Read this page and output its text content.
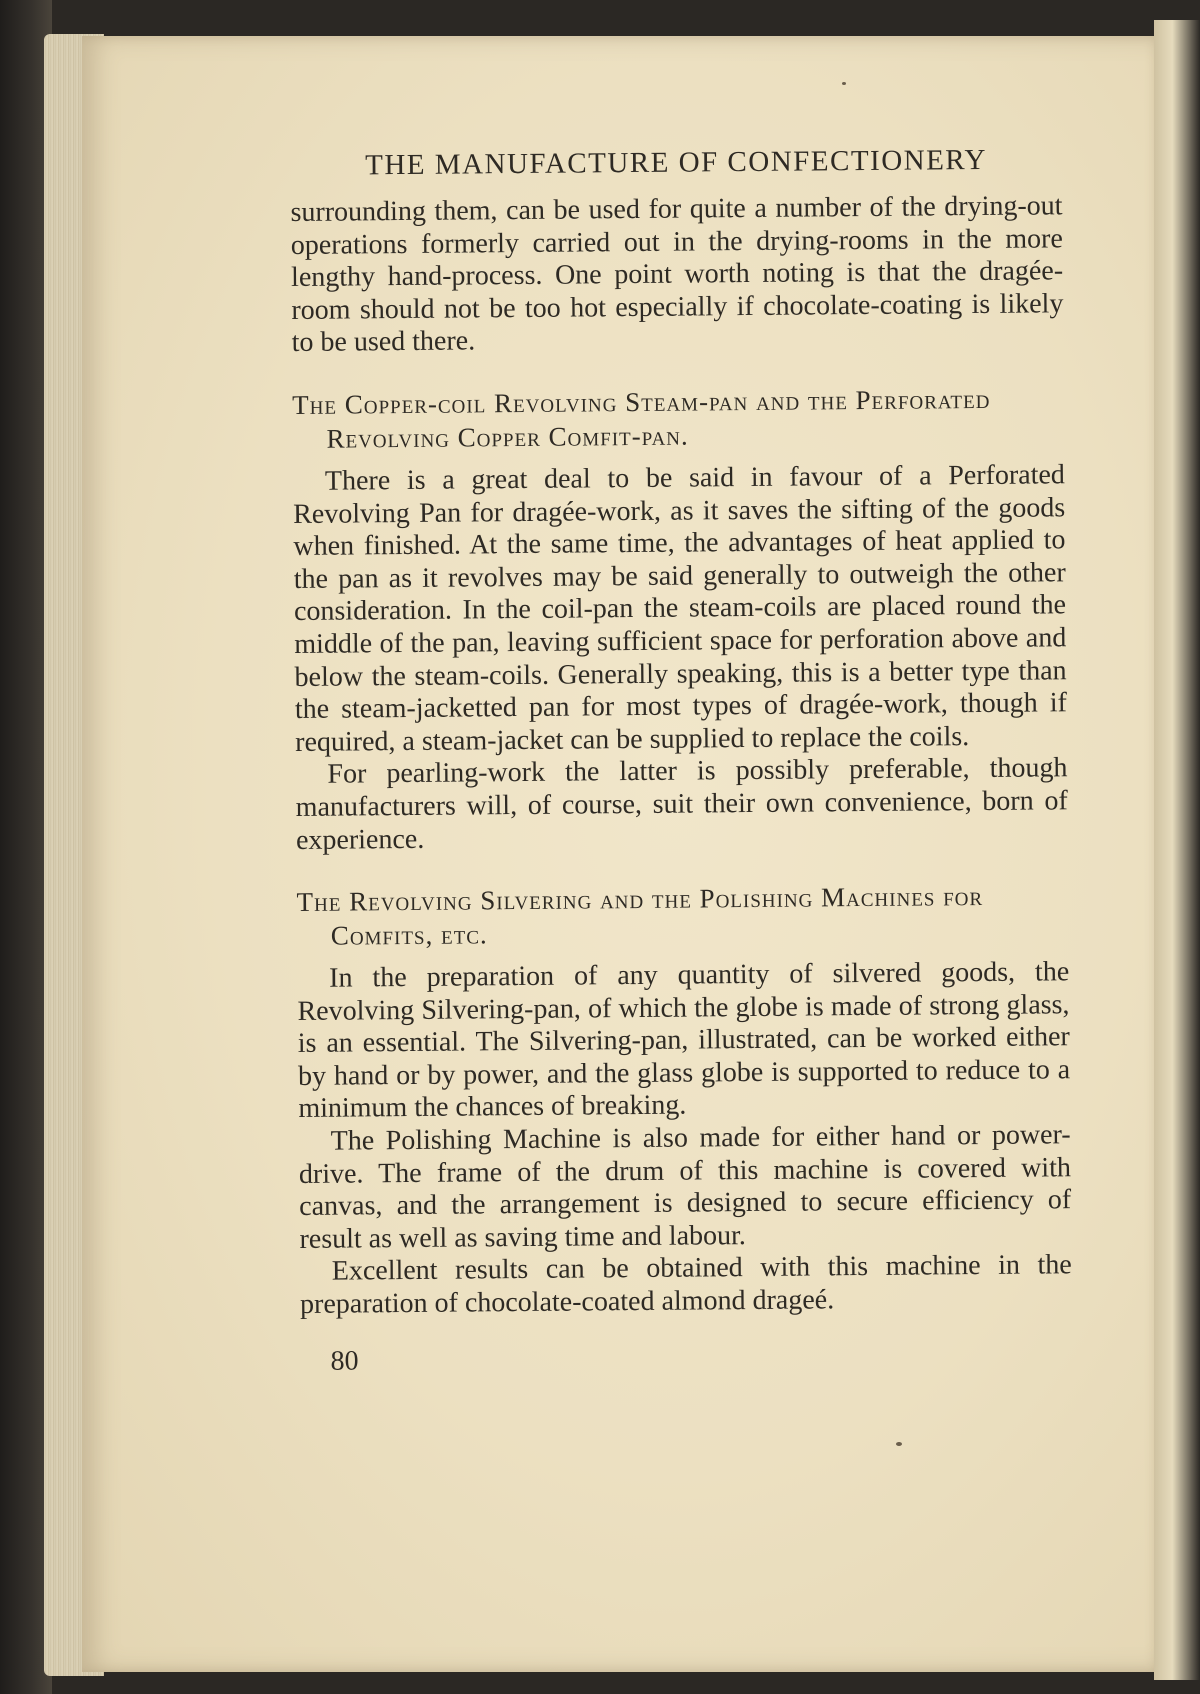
THE MANUFACTURE OF CONFECTIONERY

surrounding them, can be used for quite a number of the drying-out operations formerly carried out in the drying-rooms in the more lengthy hand-process. One point worth noting is that the dragée-room should not be too hot especially if chocolate-coating is likely to be used there.

The Copper-coil Revolving Steam-pan and the Perforated Revolving Copper Comfit-pan.

There is a great deal to be said in favour of a Perforated Revolving Pan for dragée-work, as it saves the sifting of the goods when finished. At the same time, the advantages of heat applied to the pan as it revolves may be said generally to outweigh the other consideration. In the coil-pan the steam-coils are placed round the middle of the pan, leaving sufficient space for perforation above and below the steam-coils. Generally speaking, this is a better type than the steam-jacketted pan for most types of dragée-work, though if required, a steam-jacket can be supplied to replace the coils.

For pearling-work the latter is possibly preferable, though manufacturers will, of course, suit their own convenience, born of experience.

The Revolving Silvering and the Polishing Machines for Comfits, etc.

In the preparation of any quantity of silvered goods, the Revolving Silvering-pan, of which the globe is made of strong glass, is an essential. The Silvering-pan, illustrated, can be worked either by hand or by power, and the glass globe is supported to reduce to a minimum the chances of breaking.

The Polishing Machine is also made for either hand or power-drive. The frame of the drum of this machine is covered with canvas, and the arrangement is designed to secure efficiency of result as well as saving time and labour.

Excellent results can be obtained with this machine in the preparation of chocolate-coated almond drageé.

80
